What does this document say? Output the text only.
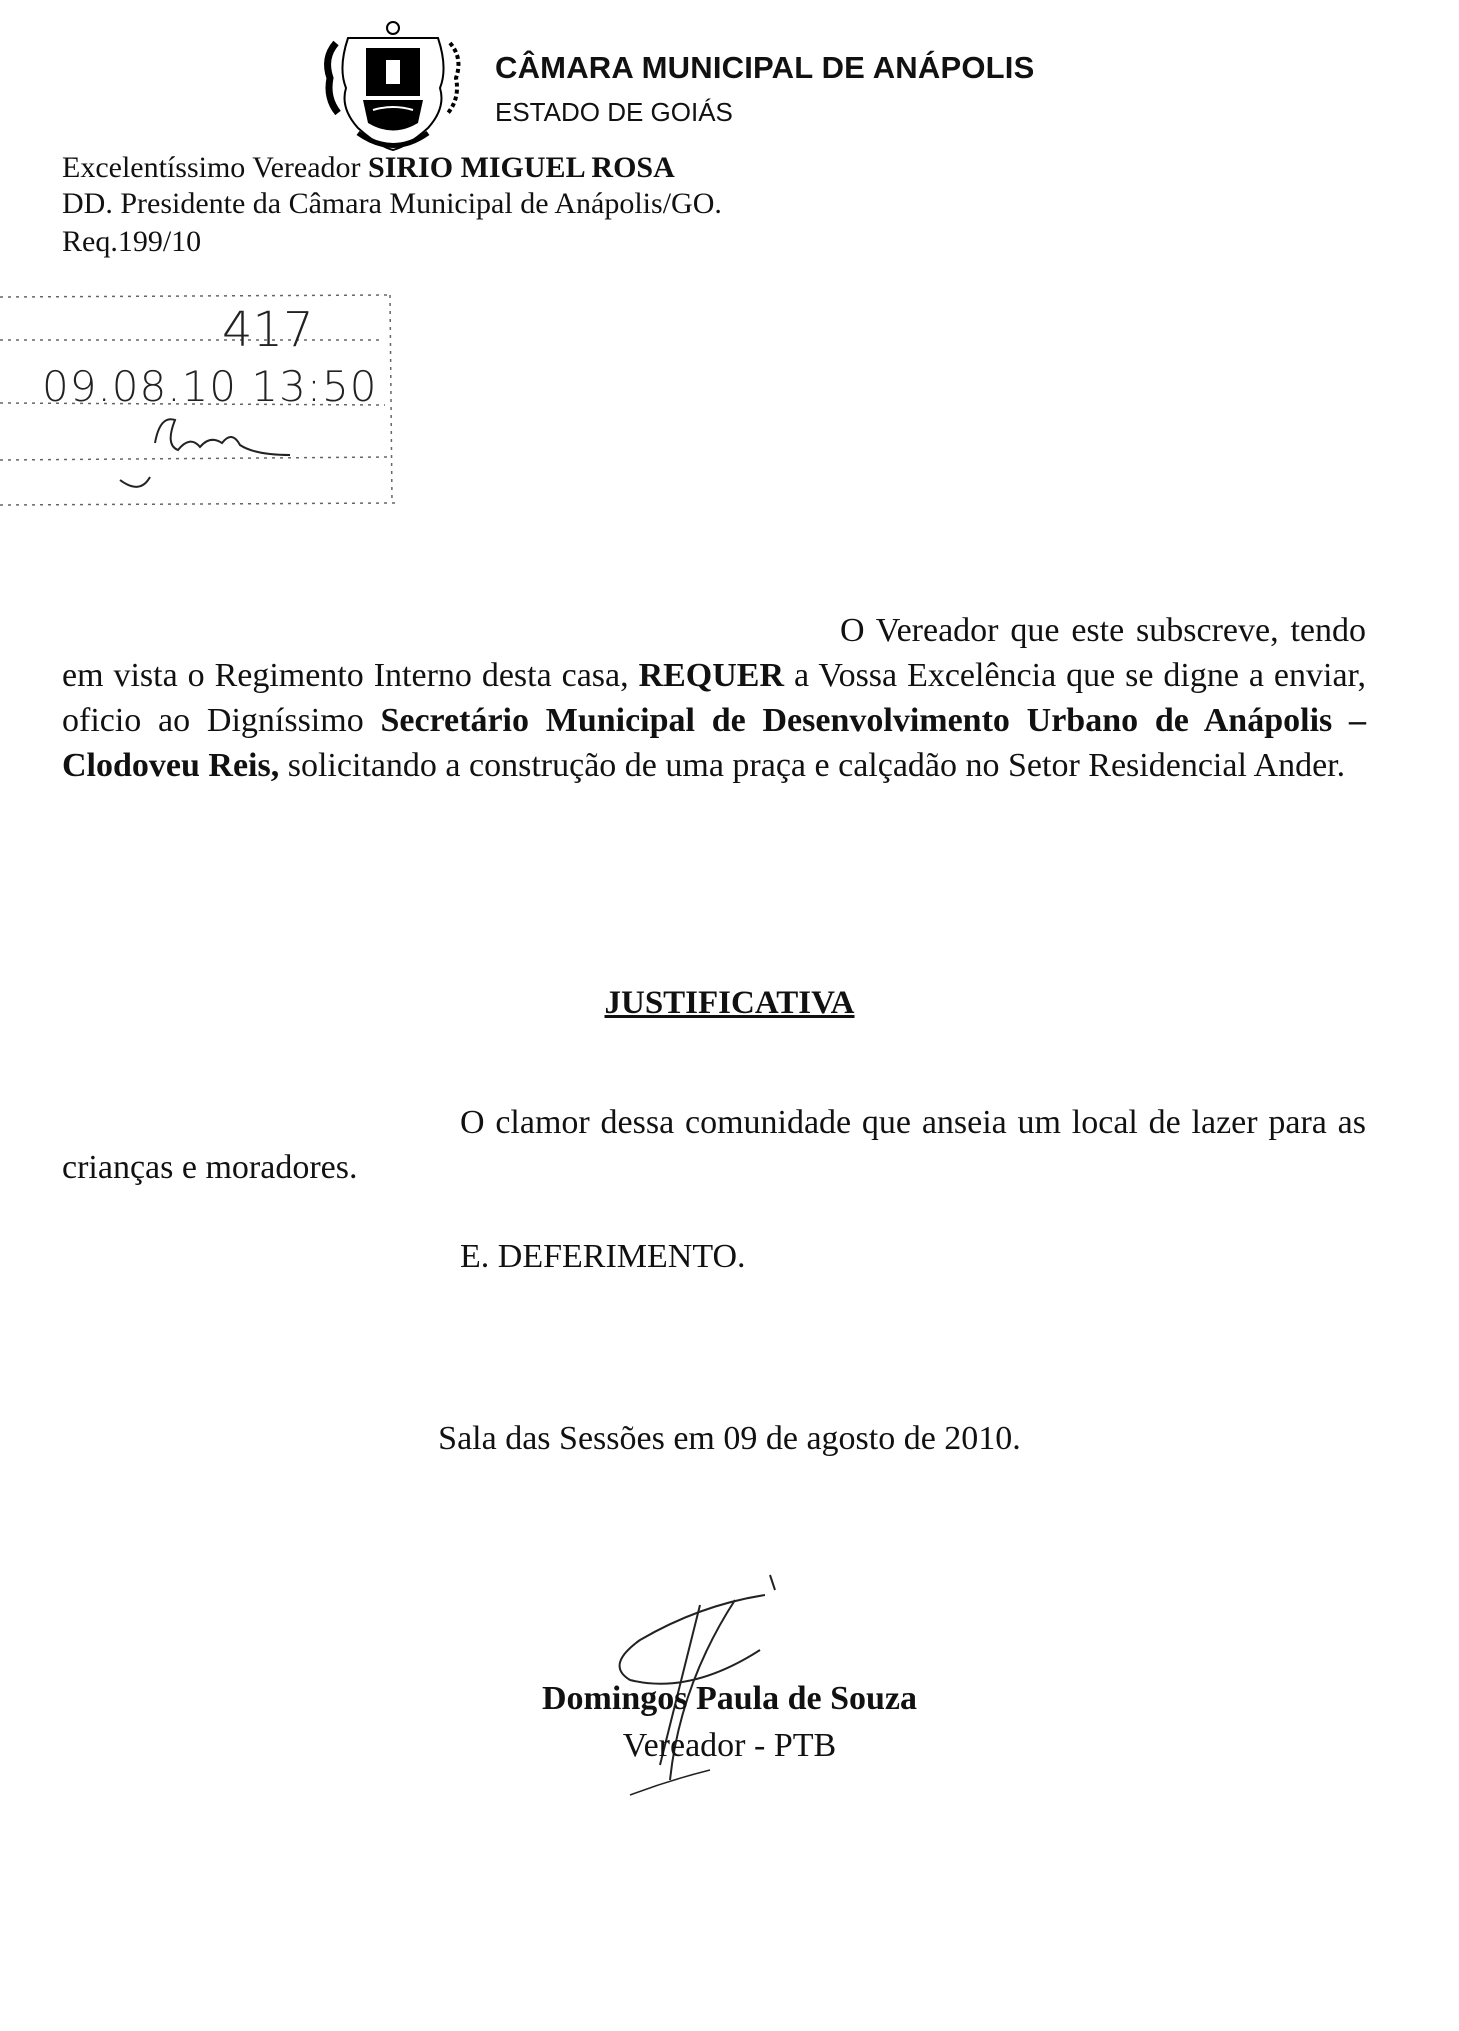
CÂMARA MUNICIPAL DE ANÁPOLIS
ESTADO DE GOIÁS
Excelentíssimo Vereador SIRIO MIGUEL ROSA
DD. Presidente da Câmara Municipal de Anápolis/GO.
Req.199/10
417
09.08.10 13:50

O Vereador que este subscreve, tendo em vista o Regimento Interno desta casa, REQUER a Vossa Excelência que se digne a enviar, oficio ao Digníssimo Secretário Municipal de Desenvolvimento Urbano de Anápolis – Clodoveu Reis, solicitando a construção de uma praça e calçadão no Setor Residencial Ander.

JUSTIFICATIVA

O clamor dessa comunidade que anseia um local de lazer para as crianças e moradores.

E. DEFERIMENTO.
Sala das Sessões em 09 de agosto de 2010.
Domingos Paula de Souza
Vereador - PTB
